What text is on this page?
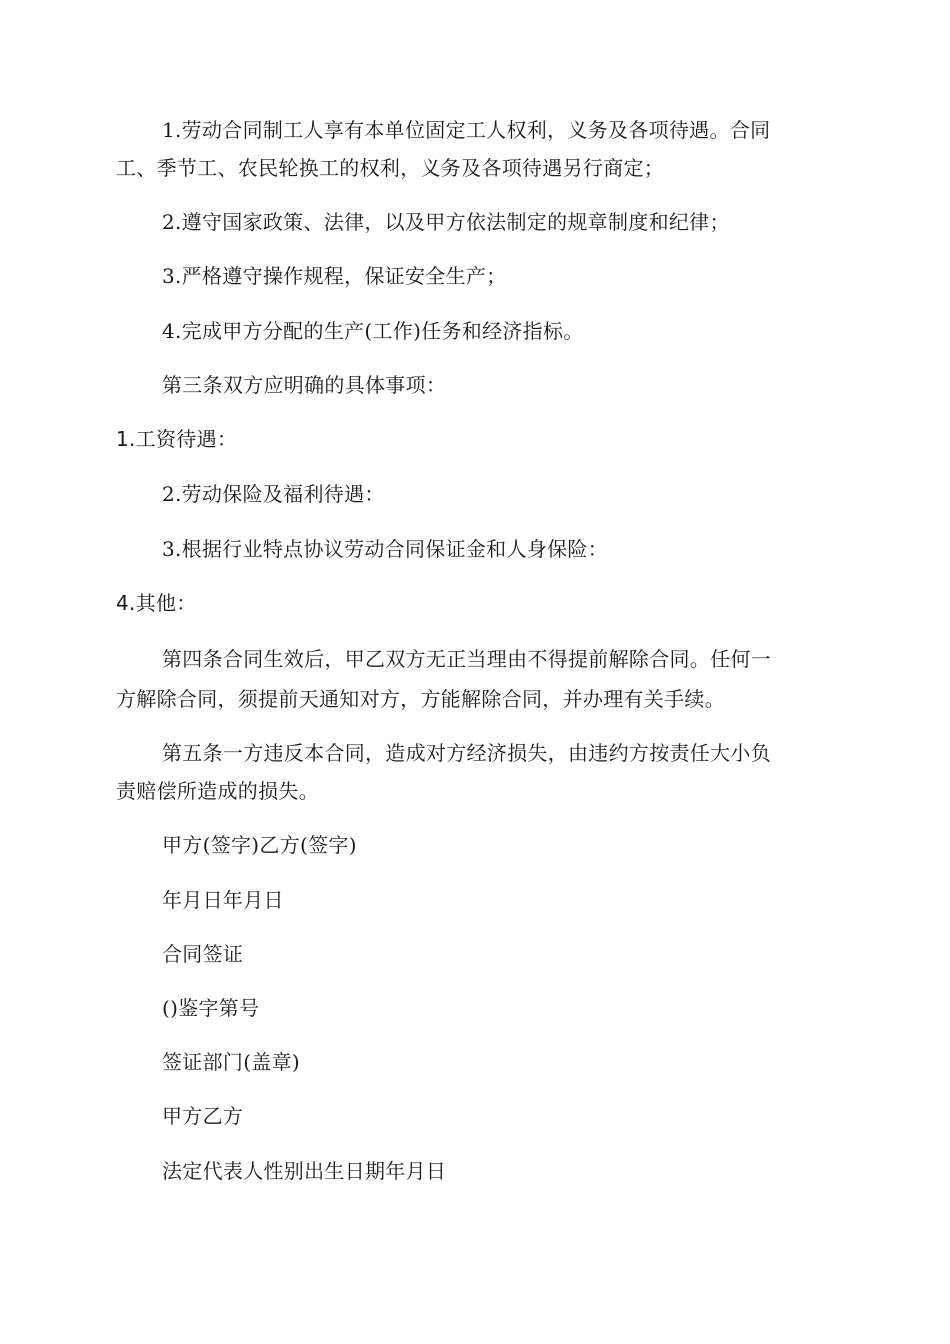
1.劳动合同制工人享有本单位固定工人权利，义务及各项待遇。合同
工、季节工、农民轮换工的权利，义务及各项待遇另行商定；
2.遵守国家政策、法律，以及甲方依法制定的规章制度和纪律；
3.严格遵守操作规程，保证安全生产；
4.完成甲方分配的生产(工作)任务和经济指标。
第三条双方应明确的具体事项：
1.工资待遇：
2.劳动保险及福利待遇：
3.根据行业特点协议劳动合同保证金和人身保险：
4.其他：
第四条合同生效后，甲乙双方无正当理由不得提前解除合同。任何一
方解除合同，须提前天通知对方，方能解除合同，并办理有关手续。
第五条一方违反本合同，造成对方经济损失，由违约方按责任大小负
责赔偿所造成的损失。
甲方(签字)乙方(签字)
年月日年月日
合同签证
()鉴字第号
签证部门(盖章)
甲方乙方
法定代表人性别出生日期年月日
